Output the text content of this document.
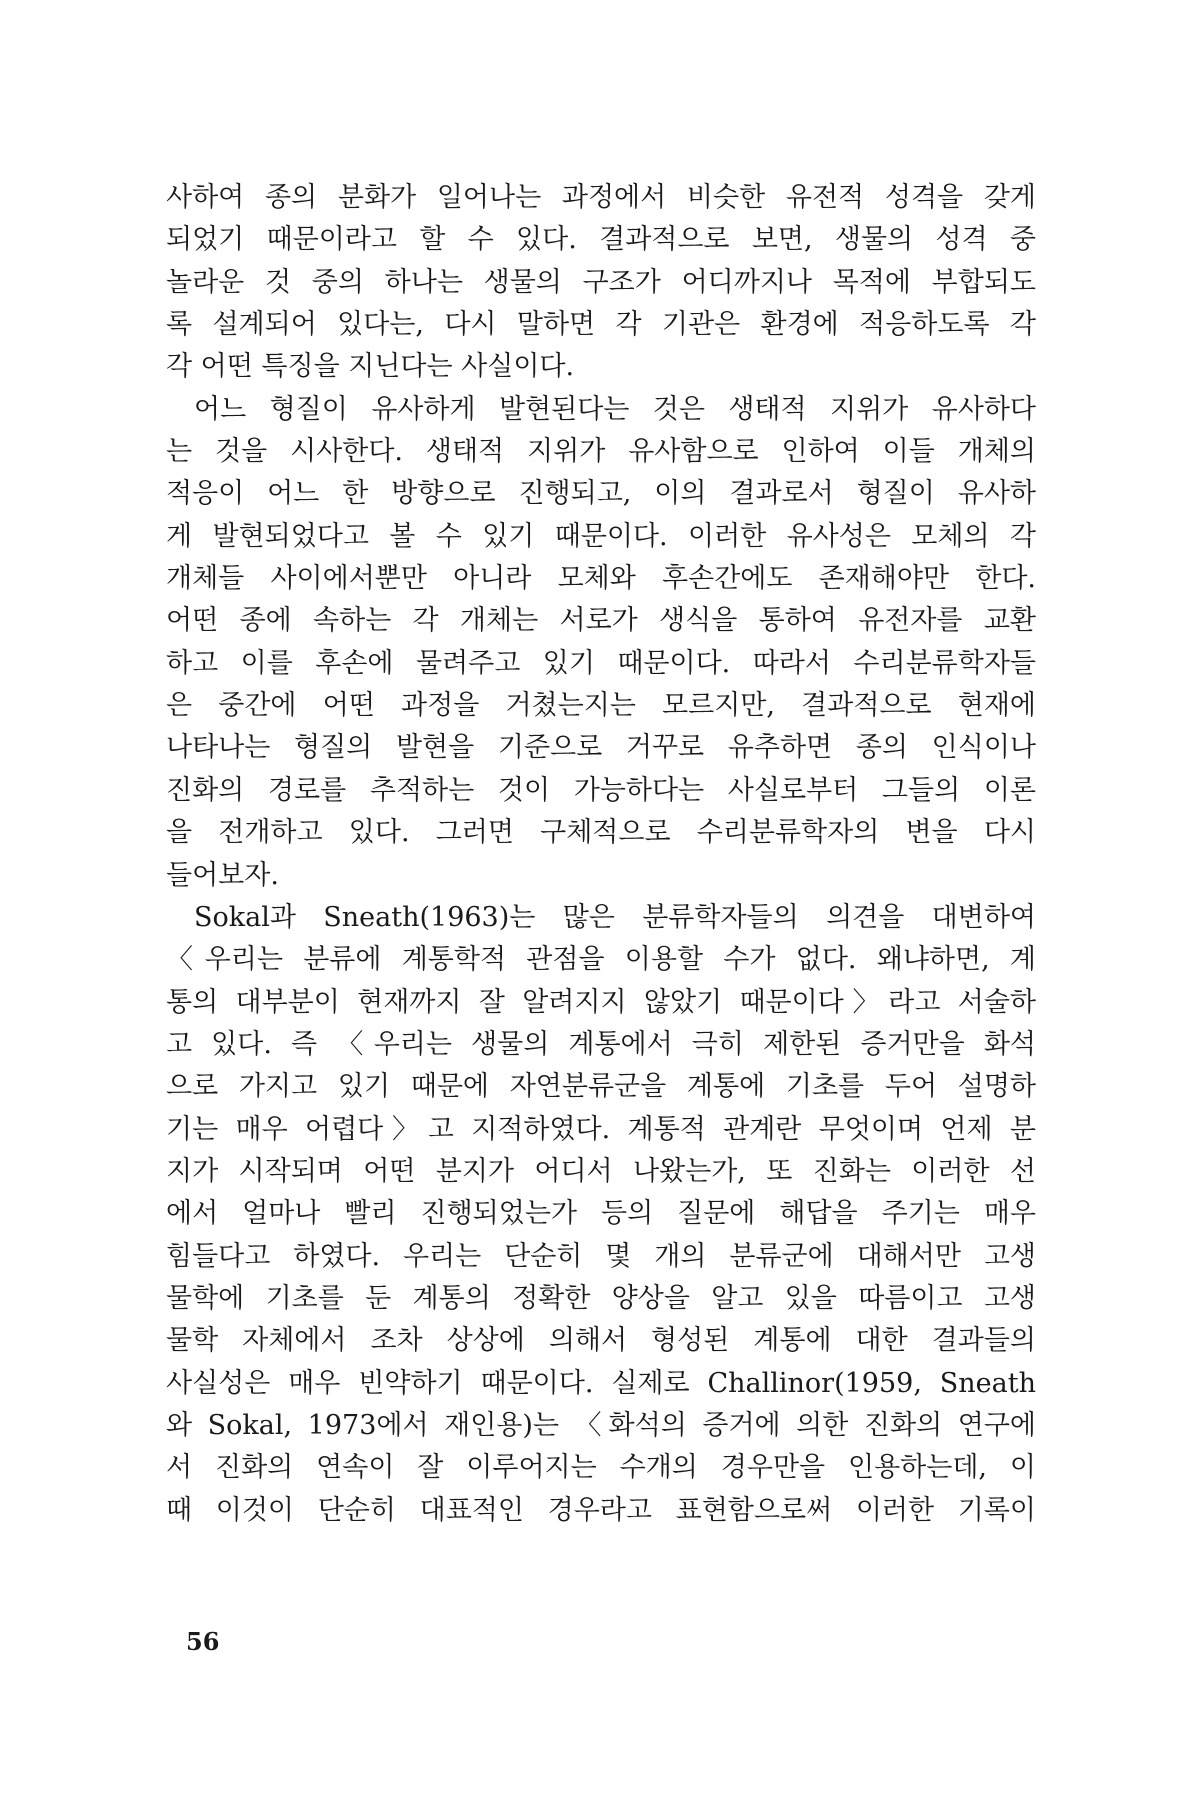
사하여 종의 분화가 일어나는 과정에서 비슷한 유전적 성격을 갖게
되었기 때문이라고 할 수 있다. 결과적으로 보면, 생물의 성격 중
놀라운 것 중의 하나는 생물의 구조가 어디까지나 목적에 부합되도
록 설계되어 있다는, 다시 말하면 각 기관은 환경에 적응하도록 각
각 어떤 특징을 지닌다는 사실이다.
어느 형질이 유사하게 발현된다는 것은 생태적 지위가 유사하다
는 것을 시사한다. 생태적 지위가 유사함으로 인하여 이들 개체의
적응이 어느 한 방향으로 진행되고, 이의 결과로서 형질이 유사하
게 발현되었다고 볼 수 있기 때문이다. 이러한 유사성은 모체의 각
개체들 사이에서뿐만 아니라 모체와 후손간에도 존재해야만 한다.
어떤 종에 속하는 각 개체는 서로가 생식을 통하여 유전자를 교환
하고 이를 후손에 물려주고 있기 때문이다. 따라서 수리분류학자들
은 중간에 어떤 과정을 거쳤는지는 모르지만, 결과적으로 현재에
나타나는 형질의 발현을 기준으로 거꾸로 유추하면 종의 인식이나
진화의 경로를 추적하는 것이 가능하다는 사실로부터 그들의 이론
을 전개하고 있다. 그러면 구체적으로 수리분류학자의 변을 다시
들어보자.
Sokal과 Sneath(1963)는 많은 분류학자들의 의견을 대변하여
〈우리는 분류에 계통학적 관점을 이용할 수가 없다. 왜냐하면, 계
통의 대부분이 현재까지 잘 알려지지 않았기 때문이다〉라고 서술하
고 있다. 즉 〈우리는 생물의 계통에서 극히 제한된 증거만을 화석
으로 가지고 있기 때문에 자연분류군을 계통에 기초를 두어 설명하
기는 매우 어렵다〉고 지적하였다. 계통적 관계란 무엇이며 언제 분
지가 시작되며 어떤 분지가 어디서 나왔는가, 또 진화는 이러한 선
에서 얼마나 빨리 진행되었는가 등의 질문에 해답을 주기는 매우
힘들다고 하였다. 우리는 단순히 몇 개의 분류군에 대해서만 고생
물학에 기초를 둔 계통의 정확한 양상을 알고 있을 따름이고 고생
물학 자체에서 조차 상상에 의해서 형성된 계통에 대한 결과들의
사실성은 매우 빈약하기 때문이다. 실제로 Challinor(1959, Sneath
와 Sokal, 1973에서 재인용)는 〈화석의 증거에 의한 진화의 연구에
서 진화의 연속이 잘 이루어지는 수개의 경우만을 인용하는데, 이
때 이것이 단순히 대표적인 경우라고 표현함으로써 이러한 기록이
56
